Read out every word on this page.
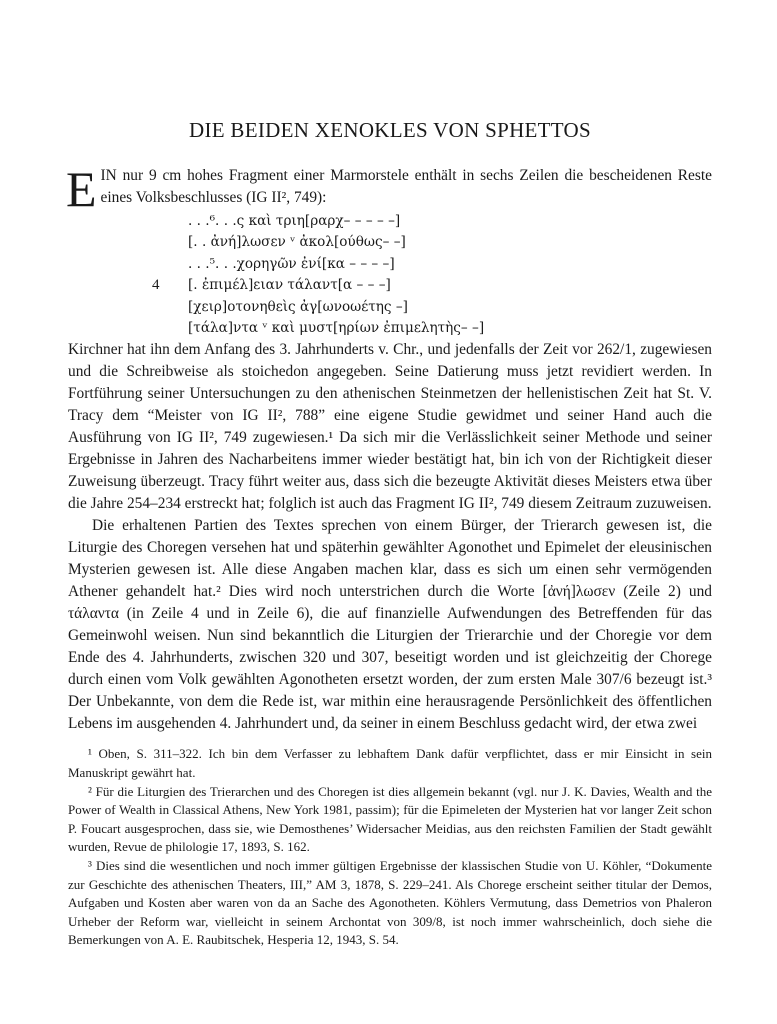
DIE BEIDEN XENOKLES VON SPHETTOS

EIN nur 9 cm hohes Fragment einer Marmorstele enthält in sechs Zeilen die bescheidenen Reste eines Volksbeschlusses (IG II², 749):

. . .⁶. . .ς καὶ τριη[ραρχ– – – – –]
[. . ἀνή]λωσεν ᵛ ἀκολ[ούθως– –]
. . .⁵. . .χορηγῶν ἐνί[κα – – – –]
4 [. ἐπιμέλ]ειαν τάλαντ[α – – –]
[χειρ]οτονηθεὶς ἀγ[ωνοωέτης –]
[τάλα]ντα ᵛ καὶ μυστ[ηρίων ἐπιμελητὴς– –]

Kirchner hat ihn dem Anfang des 3. Jahrhunderts v. Chr., und jedenfalls der Zeit vor 262/1, zugewiesen und die Schreibweise als stoichedon angegeben. Seine Datierung muss jetzt revidiert werden. In Fortführung seiner Untersuchungen zu den athenischen Steinmetzen der hellenistischen Zeit hat St. V. Tracy dem “Meister von IG II², 788” eine eigene Studie gewidmet und seiner Hand auch die Ausführung von IG II², 749 zugewiesen.¹ Da sich mir die Verlässlichkeit seiner Methode und seiner Ergebnisse in Jahren des Nacharbeitens immer wieder bestätigt hat, bin ich von der Richtigkeit dieser Zuweisung überzeugt. Tracy führt weiter aus, dass sich die bezeugte Aktivität dieses Meisters etwa über die Jahre 254–234 erstreckt hat; folglich ist auch das Fragment IG II², 749 diesem Zeitraum zuzuweisen.

Die erhaltenen Partien des Textes sprechen von einem Bürger, der Trierarch gewesen ist, die Liturgie des Choregen versehen hat und späterhin gewählter Agonothet und Epimelet der eleusinischen Mysterien gewesen ist. Alle diese Angaben machen klar, dass es sich um einen sehr vermögenden Athener gehandelt hat.² Dies wird noch unterstrichen durch die Worte [ἀνή]λωσεν (Zeile 2) und τάλαντα (in Zeile 4 und in Zeile 6), die auf finanzielle Aufwendungen des Betreffenden für das Gemeinwohl weisen. Nun sind bekanntlich die Liturgien der Trierarchie und der Choregie vor dem Ende des 4. Jahrhunderts, zwischen 320 und 307, beseitigt worden und ist gleichzeitig der Chorege durch einen vom Volk gewählten Agonotheten ersetzt worden, der zum ersten Male 307/6 bezeugt ist.³ Der Unbekannte, von dem die Rede ist, war mithin eine herausragende Persönlichkeit des öffentlichen Lebens im ausgehenden 4. Jahrhundert und, da seiner in einem Beschluss gedacht wird, der etwa zwei

¹ Oben, S. 311–322. Ich bin dem Verfasser zu lebhaftem Dank dafür verpflichtet, dass er mir Einsicht in sein Manuskript gewährt hat.

² Für die Liturgien des Trierarchen und des Choregen ist dies allgemein bekannt (vgl. nur J. K. Davies, Wealth and the Power of Wealth in Classical Athens, New York 1981, passim); für die Epimeleten der Mysterien hat vor langer Zeit schon P. Foucart ausgesprochen, dass sie, wie Demosthenes’ Widersacher Meidias, aus den reichsten Familien der Stadt gewählt wurden, Revue de philologie 17, 1893, S. 162.

³ Dies sind die wesentlichen und noch immer gültigen Ergebnisse der klassischen Studie von U. Köhler, “Dokumente zur Geschichte des athenischen Theaters, III,” AM 3, 1878, S. 229–241. Als Chorege erscheint seither titular der Demos, Aufgaben und Kosten aber waren von da an Sache des Agonotheten. Köhlers Vermutung, dass Demetrios von Phaleron Urheber der Reform war, vielleicht in seinem Archontat von 309/8, ist noch immer wahrscheinlich, doch siehe die Bemerkungen von A. E. Raubitschek, Hesperia 12, 1943, S. 54.
